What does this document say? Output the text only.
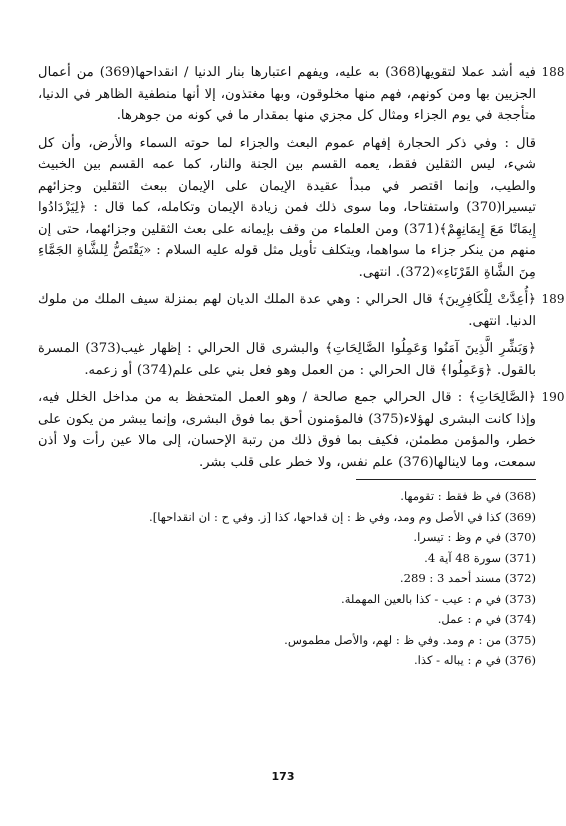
188
فيه أشد عملا لتقويها(368) به عليه، ويفهم اعتبارها بنار الدنيا / انقداحها(369) من أعمال الجزيين بها ومن كونهم، فهم منها مخلوقون، وبها مغتذون، إلا أنها منطفية الظاهر في الدنيا، متأججة في يوم الجزاء ومثال كل مجزي منها بمقدار ما في كونه من جوهرها.
قال : وفي ذكر الحجارة إفهام عموم البعث والجزاء لما حوته السماء والأرض، وأن كل شيء، ليس الثقلين فقط، يعمه القسم بين الجنة والنار، كما عمه القسم بين الخبيث والطيب، وإنما اقتصر في مبدأ عقيدة الإيمان على الإيمان ببعث الثقلين وجزائهم تيسيرا(370) واستفتاحا، وما سوى ذلك فمن زيادة الإيمان وتكامله، كما قال : ﴿لِيَزْدَادُوا إِيمَانًا مَعَ إِيمَانِهِمْ﴾(371) ومن العلماء من وقف بإيمانه على بعث الثقلين وجزائهما، حتى إن منهم من ينكر جزاء ما سواهما، ويتكلف تأويل مثل قوله عليه السلام : «يَقْتَصُّ لِلشَّاةِ الجَمَّاءِ مِنَ الشَّاةِ القَرْنَاءِ»(372). انتهى.
189
﴿أُعِدَّتْ لِلْكَافِرِينَ﴾ قال الحرالي : وهي عدة الملك الديان لهم بمنزلة سيف الملك من ملوك الدنيا. انتهى.
﴿وَبَشِّرِ الَّذِينَ آمَنُوا وَعَمِلُوا الصَّالِحَاتِ﴾ والبشرى قال الحرالي : إظهار غيب(373) المسرة بالقول. ﴿وَعَمِلُوا﴾ قال الحرالي : من العمل وهو فعل بني على علم(374) أو زعمه.
190
﴿الصَّالِحَاتِ﴾ : قال الحرالي جمع صالحة / وهو العمل المتحفظ به من مداخل الخلل فيه، وإذا كانت البشرى لهؤلاء(375) فالمؤمنون أحق بما فوق البشرى، وإنما يبشر من يكون على خطر، والمؤمن مطمئن، فكيف بما فوق ذلك من رتبة الإحسان، إلى مالا عين رأت ولا أذن سمعت، وما لاينالها(376) علم نفس، ولا خطر على قلب بشر.
(368) في ظ فقط : تقومها.
(369) كذا في الأصل وم ومد، وفي ظ : إن قداحها، كذا [ز. وفي ح : ان انقداحها].
(370) في م وظ : تيسرا.
(371) سورة 48 آية 4.
(372) مسند أحمد 3 : 289.
(373) في م : عيب - كذا بالعين المهملة.
(374) في م : عمل.
(375) من : م ومد. وفي ظ : لهم، والأصل مطموس.
(376) في م : يباله - كذا.
173
